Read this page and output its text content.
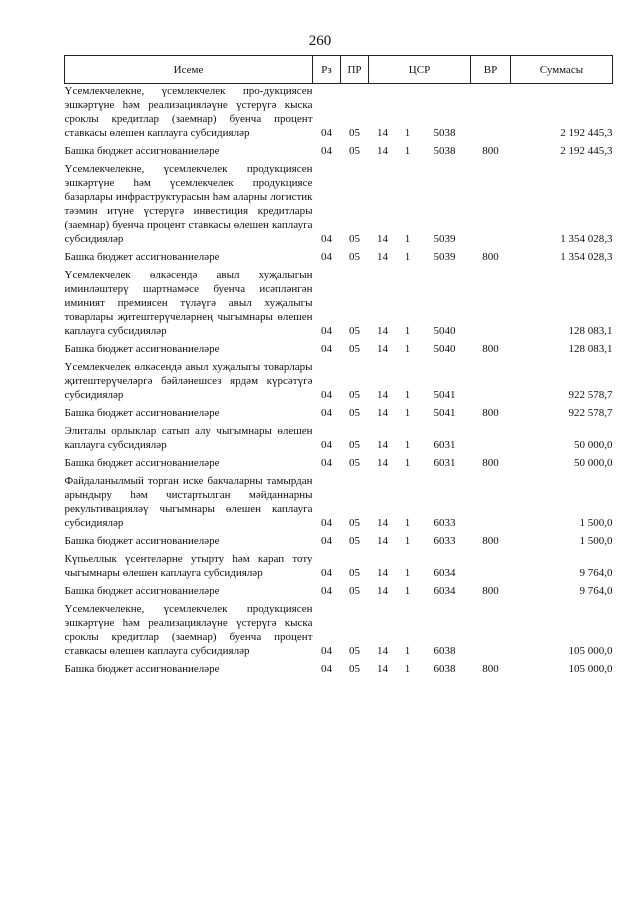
260
Исеме	Рз	ПР	ЦСР			ВР	Суммасы
Үсемлекчелекне, үсемлекчелек про-дукциясен эшкәртүне һәм реализацияләүне үстерүгә кыска сроклы кредитлар (заемнар) буенча процент ставкасы өлешен каплауга субсидияләр	04	05	14	1	5038		2 192 445,3

Башка бюджет ассигнованиеләре	04	05	14	1	5038	800	2 192 445,3

Үсемлекчелекне, үсемлекчелек продукциясен эшкәртүне һәм үсемлекчелек продукциясе базарлары инфраструктурасын һәм аларны логистик тәэмин итүне үстерүгә инвестиция кредитлары (заемнар) буенча процент ставкасы өлешен каплауга субсидияләр	04	05	14	1	5039		1 354 028,3

Башка бюджет ассигнованиеләре	04	05	14	1	5039	800	1 354 028,3

Үсемлекчелек өлкәсендә авыл хуҗалыгын иминләштерү шартнамәсе буенча исәпләнгән иминият премиясен түләүгә авыл хуҗалыгы товарлары җитештерүчеләрнең чыгымнары өлешен каплауга субсидияләр	04	05	14	1	5040		128 083,1

Башка бюджет ассигнованиеләре	04	05	14	1	5040	800	128 083,1

Үсемлекчелек өлкәсендә авыл хуҗалыгы товарлары җитештерүчеләргә бәйләнешсез ярдәм күрсәтүгә субсидияләр	04	05	14	1	5041		922 578,7

Башка бюджет ассигнованиеләре	04	05	14	1	5041	800	922 578,7

Элиталы орлыклар сатып алу чыгымнары өлешен каплауга субсидияләр	04	05	14	1	6031		50 000,0

Башка бюджет ассигнованиеләре	04	05	14	1	6031	800	50 000,0

Файдаланылмый торган иске бакчаларны тамырдан арындыру һәм чистартылган мәйданнарны рекультивацияләү чыгымнары өлешен каплауга субсидияләр	04	05	14	1	6033		1 500,0

Башка бюджет ассигнованиеләре	04	05	14	1	6033	800	1 500,0

Күпьеллык үсентеләрне утырту һәм карап тоту чыгымнары өлешен каплауга субсидияләр	04	05	14	1	6034		9 764,0

Башка бюджет ассигнованиеләре	04	05	14	1	6034	800	9 764,0

Үсемлекчелекне, үсемлекчелек продукциясен эшкәртүне һәм реализацияләүне үстерүгә кыска сроклы кредитлар (заемнар) буенча процент ставкасы өлешен каплауга субсидияләр	04	05	14	1	6038		105 000,0

Башка бюджет ассигнованиеләре	04	05	14	1	6038	800	105 000,0
